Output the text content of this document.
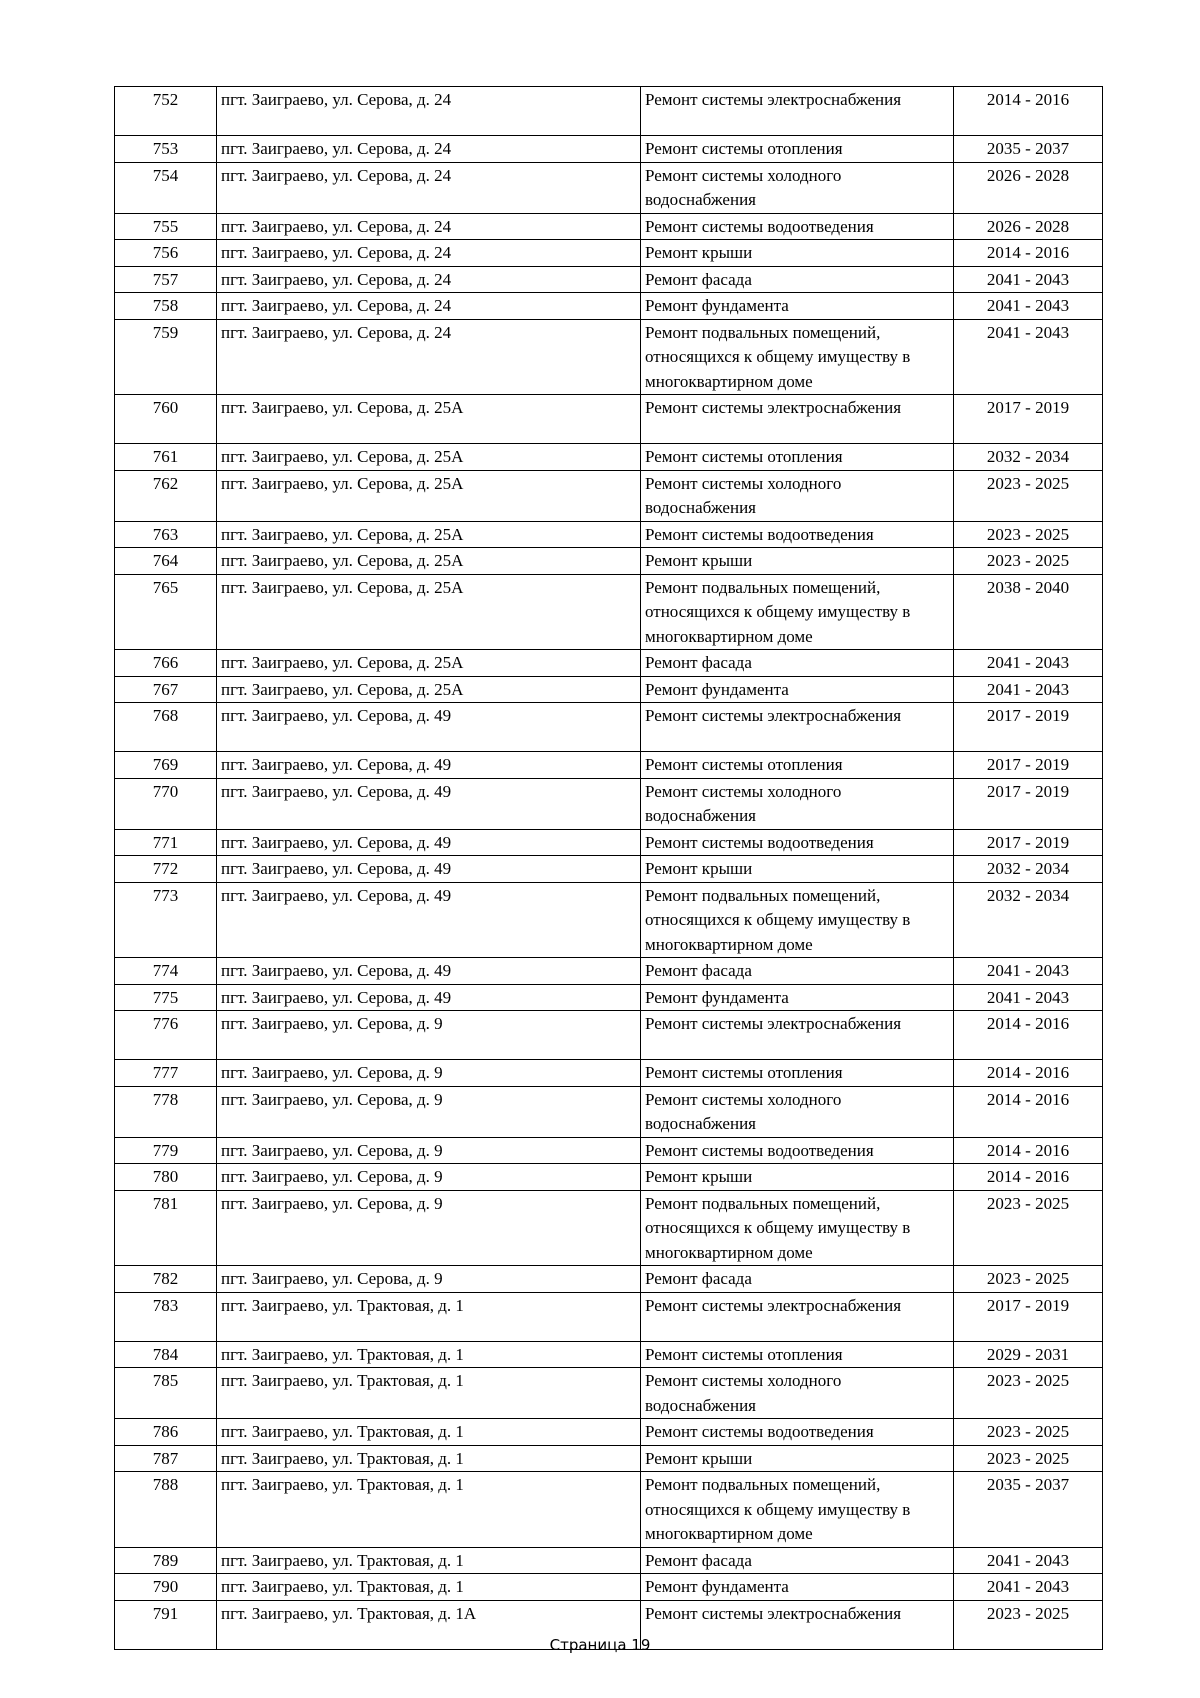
752	пгт. Заиграево, ул. Серова, д. 24	Ремонт системы электроснабжения	2014 - 2016
753	пгт. Заиграево, ул. Серова, д. 24	Ремонт системы отопления	2035 - 2037
754	пгт. Заиграево, ул. Серова, д. 24	Ремонт системы холодного водоснабжения	2026 - 2028
755	пгт. Заиграево, ул. Серова, д. 24	Ремонт системы водоотведения	2026 - 2028
756	пгт. Заиграево, ул. Серова, д. 24	Ремонт крыши	2014 - 2016
757	пгт. Заиграево, ул. Серова, д. 24	Ремонт фасада	2041 - 2043
758	пгт. Заиграево, ул. Серова, д. 24	Ремонт фундамента	2041 - 2043
759	пгт. Заиграево, ул. Серова, д. 24	Ремонт подвальных помещений, относящихся к общему имуществу в многоквартирном доме	2041 - 2043
760	пгт. Заиграево, ул. Серова, д. 25А	Ремонт системы электроснабжения	2017 - 2019
761	пгт. Заиграево, ул. Серова, д. 25А	Ремонт системы отопления	2032 - 2034
762	пгт. Заиграево, ул. Серова, д. 25А	Ремонт системы холодного водоснабжения	2023 - 2025
763	пгт. Заиграево, ул. Серова, д. 25А	Ремонт системы водоотведения	2023 - 2025
764	пгт. Заиграево, ул. Серова, д. 25А	Ремонт крыши	2023 - 2025
765	пгт. Заиграево, ул. Серова, д. 25А	Ремонт подвальных помещений, относящихся к общему имуществу в многоквартирном доме	2038 - 2040
766	пгт. Заиграево, ул. Серова, д. 25А	Ремонт фасада	2041 - 2043
767	пгт. Заиграево, ул. Серова, д. 25А	Ремонт фундамента	2041 - 2043
768	пгт. Заиграево, ул. Серова, д. 49	Ремонт системы электроснабжения	2017 - 2019
769	пгт. Заиграево, ул. Серова, д. 49	Ремонт системы отопления	2017 - 2019
770	пгт. Заиграево, ул. Серова, д. 49	Ремонт системы холодного водоснабжения	2017 - 2019
771	пгт. Заиграево, ул. Серова, д. 49	Ремонт системы водоотведения	2017 - 2019
772	пгт. Заиграево, ул. Серова, д. 49	Ремонт крыши	2032 - 2034
773	пгт. Заиграево, ул. Серова, д. 49	Ремонт подвальных помещений, относящихся к общему имуществу в многоквартирном доме	2032 - 2034
774	пгт. Заиграево, ул. Серова, д. 49	Ремонт фасада	2041 - 2043
775	пгт. Заиграево, ул. Серова, д. 49	Ремонт фундамента	2041 - 2043
776	пгт. Заиграево, ул. Серова, д. 9	Ремонт системы электроснабжения	2014 - 2016
777	пгт. Заиграево, ул. Серова, д. 9	Ремонт системы отопления	2014 - 2016
778	пгт. Заиграево, ул. Серова, д. 9	Ремонт системы холодного водоснабжения	2014 - 2016
779	пгт. Заиграево, ул. Серова, д. 9	Ремонт системы водоотведения	2014 - 2016
780	пгт. Заиграево, ул. Серова, д. 9	Ремонт крыши	2014 - 2016
781	пгт. Заиграево, ул. Серова, д. 9	Ремонт подвальных помещений, относящихся к общему имуществу в многоквартирном доме	2023 - 2025
782	пгт. Заиграево, ул. Серова, д. 9	Ремонт фасада	2023 - 2025
783	пгт. Заиграево, ул. Трактовая, д. 1	Ремонт системы электроснабжения	2017 - 2019
784	пгт. Заиграево, ул. Трактовая, д. 1	Ремонт системы отопления	2029 - 2031
785	пгт. Заиграево, ул. Трактовая, д. 1	Ремонт системы холодного водоснабжения	2023 - 2025
786	пгт. Заиграево, ул. Трактовая, д. 1	Ремонт системы водоотведения	2023 - 2025
787	пгт. Заиграево, ул. Трактовая, д. 1	Ремонт крыши	2023 - 2025
788	пгт. Заиграево, ул. Трактовая, д. 1	Ремонт подвальных помещений, относящихся к общему имуществу в многоквартирном доме	2035 - 2037
789	пгт. Заиграево, ул. Трактовая, д. 1	Ремонт фасада	2041 - 2043
790	пгт. Заиграево, ул. Трактовая, д. 1	Ремонт фундамента	2041 - 2043
791	пгт. Заиграево, ул. Трактовая, д. 1А	Ремонт системы электроснабжения	2023 - 2025
Страница 19
